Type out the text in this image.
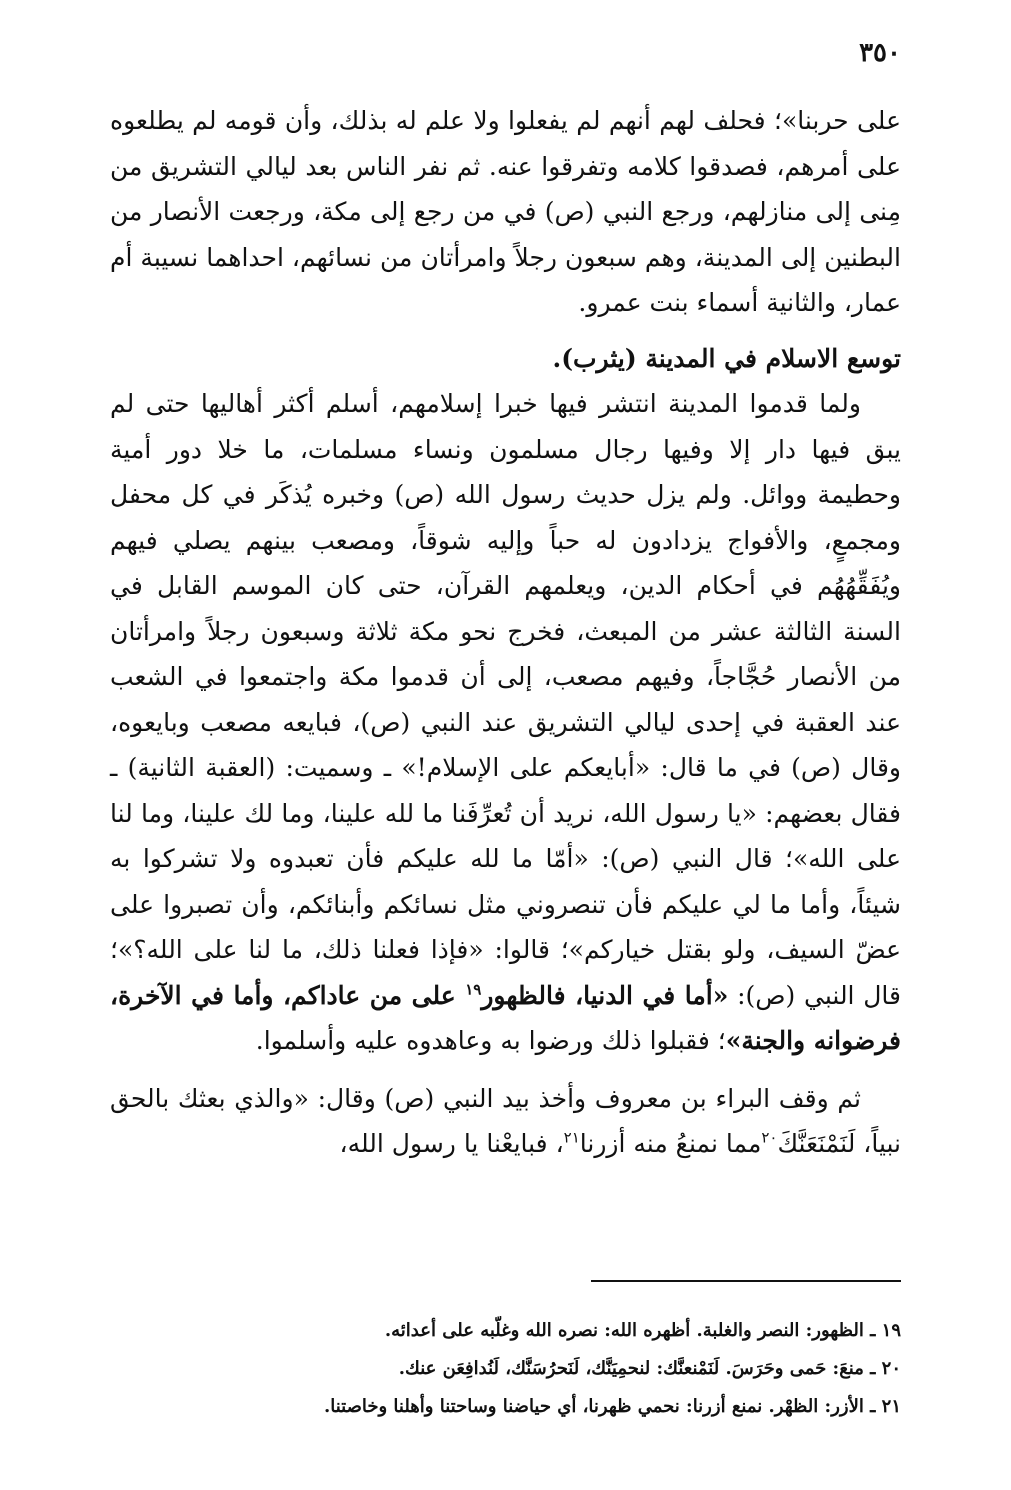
٣٥٠

على حربنا»؛ فحلف لهم أنهم لم يفعلوا ولا علم له بذلك، وأن قومه لم يطلعوه على أمرهم، فصدقوا كلامه وتفرقوا عنه. ثم نفر الناس بعد ليالي التشريق من مِنى إلى منازلهم، ورجع النبي (ص) في من رجع إلى مكة، ورجعت الأنصار من البطنين إلى المدينة، وهم سبعون رجلاً وامرأتان من نسائهم، احداهما نسيبة أم عمار، والثانية أسماء بنت عمرو.

توسع الاسلام في المدينة (يثرب).

ولما قدموا المدينة انتشر فيها خبرا إسلامهم، أسلم أكثر أهاليها حتى لم يبق فيها دار إلا وفيها رجال مسلمون ونساء مسلمات، ما خلا دور أمية وحطيمة ووائل. ولم يزل حديث رسول الله (ص) وخبره يُذكَر في كل محفل ومجمعٍ، والأفواج يزدادون له حباً وإليه شوقاً، ومصعب بينهم يصلي فيهم ويُفَقِّهُهُم في أحكام الدين، ويعلمهم القرآن، حتى كان الموسم القابل في السنة الثالثة عشر من المبعث، فخرج نحو مكة ثلاثة وسبعون رجلاً وامرأتان من الأنصار حُجَّاجاً، وفيهم مصعب، إلى أن قدموا مكة واجتمعوا في الشعب عند العقبة في إحدى ليالي التشريق عند النبي (ص)، فبايعه مصعب وبايعوه، وقال (ص) في ما قال: «أبايعكم على الإسلام!» ـ وسميت: (العقبة الثانية) ـ فقال بعضهم: «يا رسول الله، نريد أن تُعرِّفَنا ما لله علينا، وما لك علينا، وما لنا على الله»؛ قال النبي (ص): «أمّا ما لله عليكم فأن تعبدوه ولا تشركوا به شيئاً، وأما ما لي عليكم فأن تنصروني مثل نسائكم وأبنائكم، وأن تصبروا على عضّ السيف، ولو بقتل خياركم»؛ قالوا: «فإذا فعلنا ذلك، ما لنا على الله؟»؛ قال النبي (ص): «أما في الدنيا، فالظهور$^{١٩}$ على من عاداكم، وأما في الآخرة، فرضوانه والجنة»؛ فقبلوا ذلك ورضوا به وعاهدوه عليه وأسلموا.

ثم وقف البراء بن معروف وأخذ بيد النبي (ص) وقال: «والذي بعثك بالحق نبياً، لَنَمْنَعَنَّكَ$^{٢٠}$مما نمنعُ منه أزرنا$^{٢١}$، فبايعْنا يا رسول الله،

١٩ ـ الظهور: النصر والغلبة. أظهره الله: نصره الله وغلّبه على أعدائه.

٢٠ ـ منعَ: حَمى وحَرَسَ. لَنَمْنعنَّك: لنحمِيَنَّك، لَنَحرُسَنَّك، لَنُدافِعَن عنك.

٢١ ـ الأزر: الظهْر. نمنع أزرنا: نحمي ظهرنا، أي حياضنا وساحتنا وأهلنا وخاصتنا.
